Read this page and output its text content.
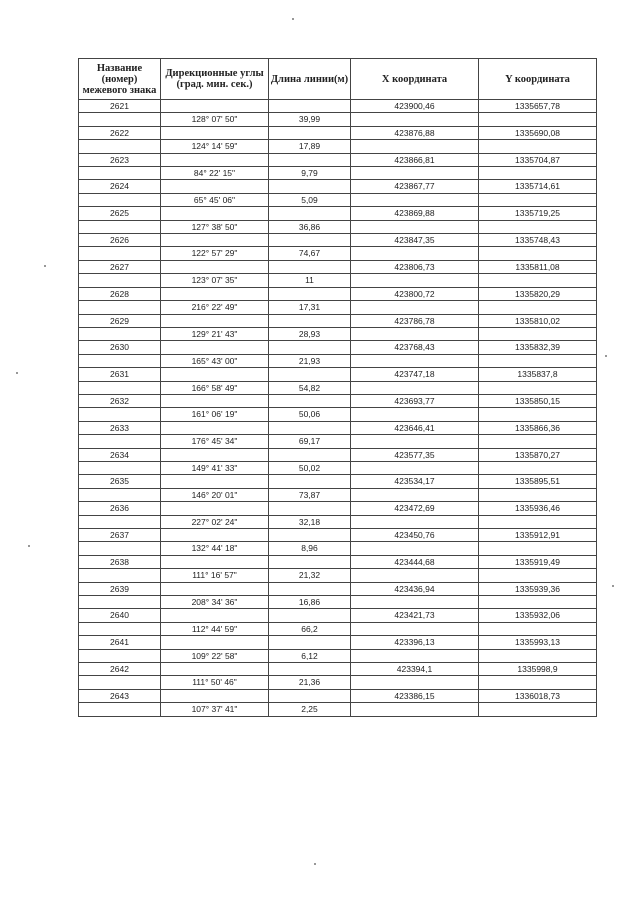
Название (номер) межевого знака	Дирекционные углы (град. мин. сек.)	Длина линии(м)	X координата	Y координата
2621			423900,46	1335657,78
	128° 07' 50"	39,99		
2622			423876,88	1335690,08
	124° 14' 59"	17,89		
2623			423866,81	1335704,87
	84° 22' 15"	9,79		
2624			423867,77	1335714,61
	65° 45' 06"	5,09		
2625			423869,88	1335719,25
	127° 38' 50"	36,86		
2626			423847,35	1335748,43
	122° 57' 29"	74,67		
2627			423806,73	1335811,08
	123° 07' 35"	11		
2628			423800,72	1335820,29
	216° 22' 49"	17,31		
2629			423786,78	1335810,02
	129° 21' 43"	28,93		
2630			423768,43	1335832,39
	165° 43' 00"	21,93		
2631			423747,18	1335837,8
	166° 58' 49"	54,82		
2632			423693,77	1335850,15
	161° 06' 19"	50,06		
2633			423646,41	1335866,36
	176° 45' 34"	69,17		
2634			423577,35	1335870,27
	149° 41' 33"	50,02		
2635			423534,17	1335895,51
	146° 20' 01"	73,87		
2636			423472,69	1335936,46
	227° 02' 24"	32,18		
2637			423450,76	1335912,91
	132° 44' 18"	8,96		
2638			423444,68	1335919,49
	111° 16' 57"	21,32		
2639			423436,94	1335939,36
	208° 34' 36"	16,86		
2640			423421,73	1335932,06
	112° 44' 59"	66,2		
2641			423396,13	1335993,13
	109° 22' 58"	6,12		
2642			423394,1	1335998,9
	111° 50' 46"	21,36		
2643			423386,15	1336018,73
	107° 37' 41"	2,25		
